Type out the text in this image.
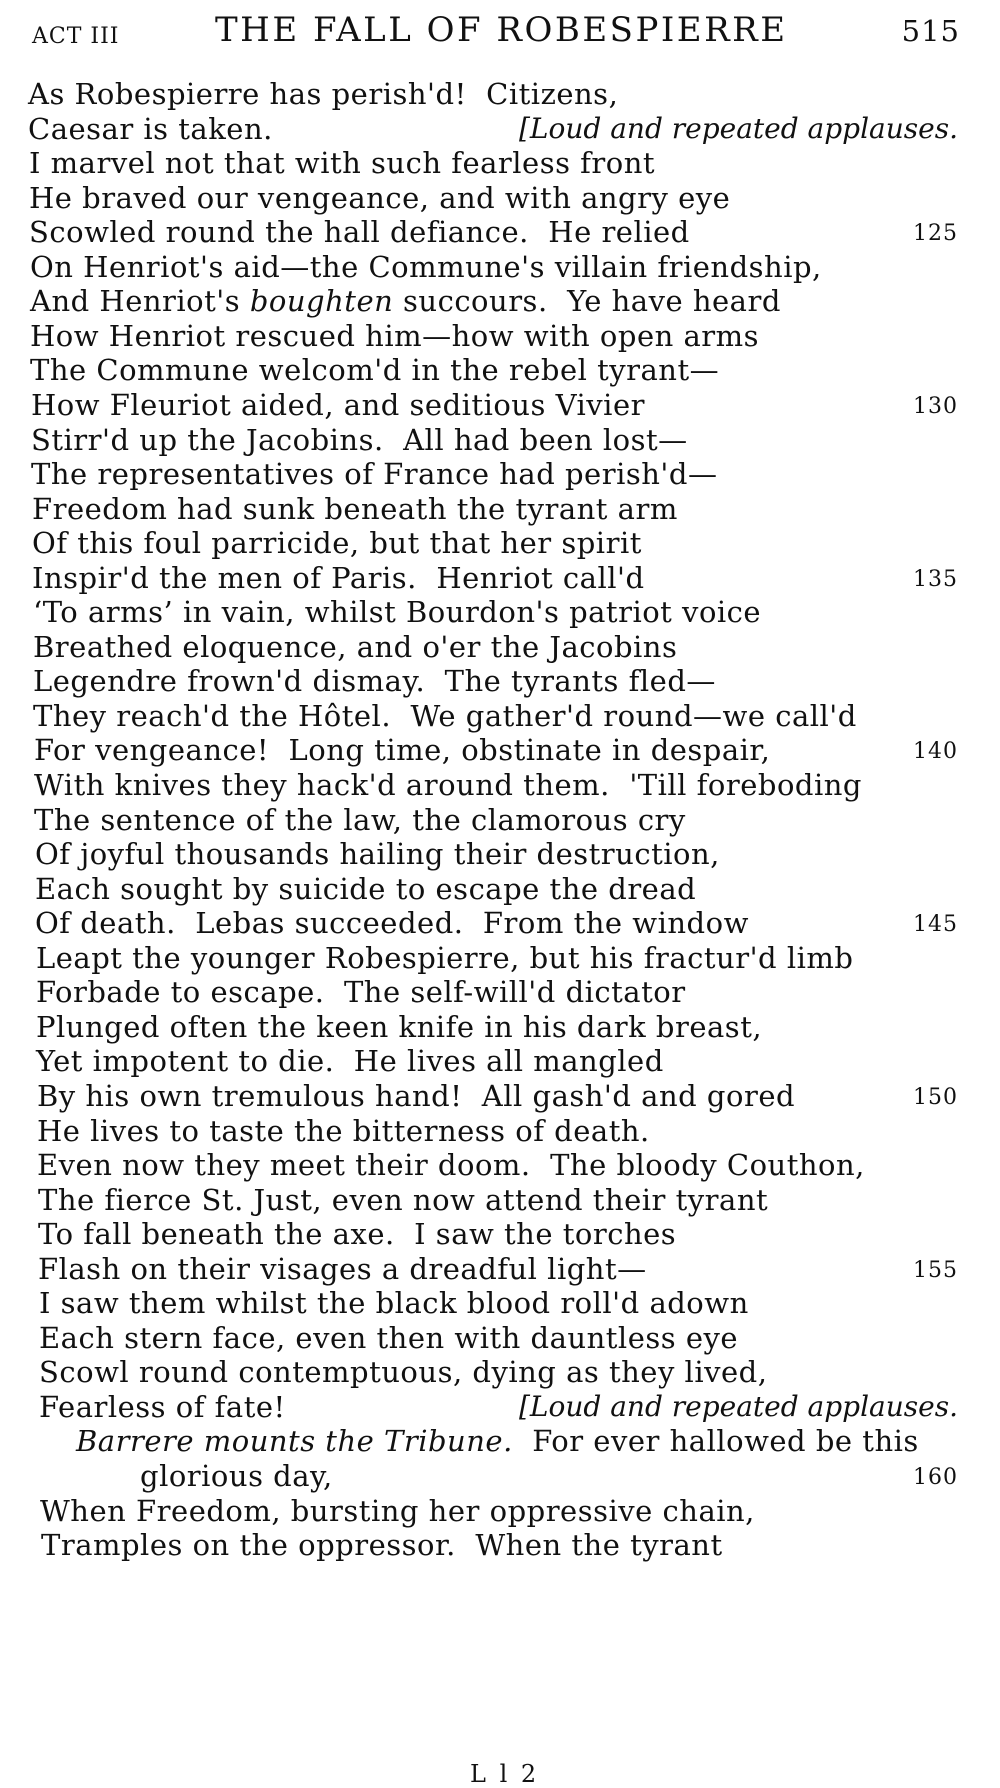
ACT III	THE FALL OF ROBESPIERRE	515
As Robespierre has perish'd!  Citizens,
Caesar is taken.	[Loud and repeated applauses.
I marvel not that with such fearless front
He braved our vengeance, and with angry eye
Scowled round the hall defiance.  He relied	125
On Henriot's aid—the Commune's villain friendship,
And Henriot's boughten succours.  Ye have heard
How Henriot rescued him—how with open arms
The Commune welcom'd in the rebel tyrant—
How Fleuriot aided, and seditious Vivier	130
Stirr'd up the Jacobins.  All had been lost—
The representatives of France had perish'd—
Freedom had sunk beneath the tyrant arm
Of this foul parricide, but that her spirit
Inspir'd the men of Paris.  Henriot call'd	135
‘To arms’ in vain, whilst Bourdon's patriot voice
Breathed eloquence, and o'er the Jacobins
Legendre frown'd dismay.  The tyrants fled—
They reach'd the Hôtel.  We gather'd round—we call'd
For vengeance!  Long time, obstinate in despair,	140
With knives they hack'd around them.  'Till foreboding
The sentence of the law, the clamorous cry
Of joyful thousands hailing their destruction,
Each sought by suicide to escape the dread
Of death.  Lebas succeeded.  From the window	145
Leapt the younger Robespierre, but his fractur'd limb
Forbade to escape.  The self-will'd dictator
Plunged often the keen knife in his dark breast,
Yet impotent to die.  He lives all mangled
By his own tremulous hand!  All gash'd and gored	150
He lives to taste the bitterness of death.
Even now they meet their doom.  The bloody Couthon,
The fierce St. Just, even now attend their tyrant
To fall beneath the axe.  I saw the torches
Flash on their visages a dreadful light—	155
I saw them whilst the black blood roll'd adown
Each stern face, even then with dauntless eye
Scowl round contemptuous, dying as they lived,
Fearless of fate!	[Loud and repeated applauses.
Barrere mounts the Tribune.  For ever hallowed be this
glorious day,	160
When Freedom, bursting her oppressive chain,
Tramples on the oppressor.  When the tyrant
L l 2
